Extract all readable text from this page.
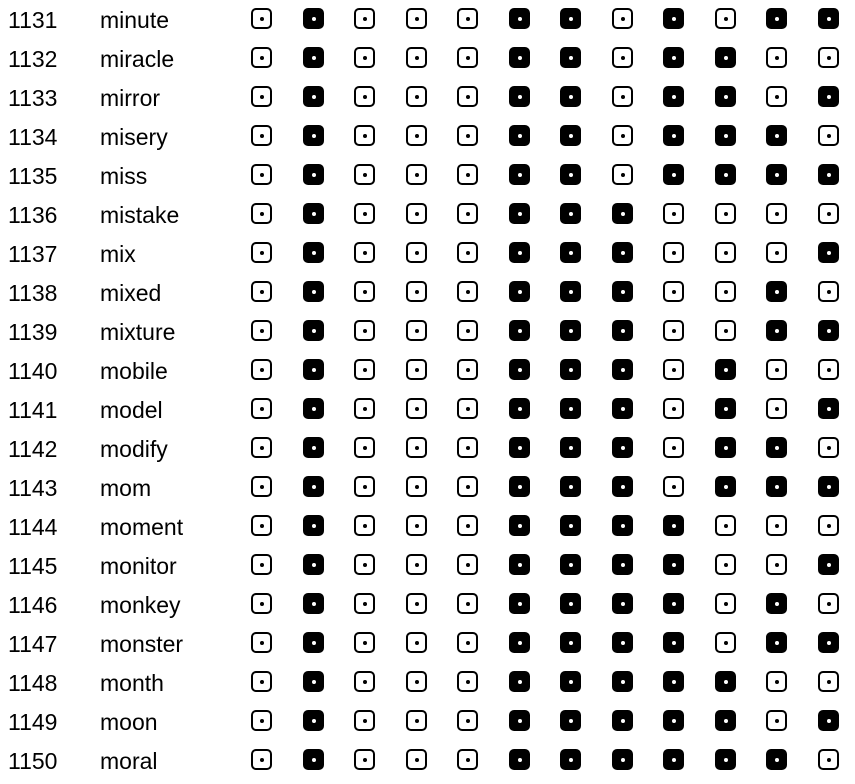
1131 minute
1132 miracle
1133 mirror
1134 misery
1135 miss
1136 mistake
1137 mix
1138 mixed
1139 mixture
1140 mobile
1141 model
1142 modify
1143 mom
1144 moment
1145 monitor
1146 monkey
1147 monster
1148 month
1149 moon
1150 moral
